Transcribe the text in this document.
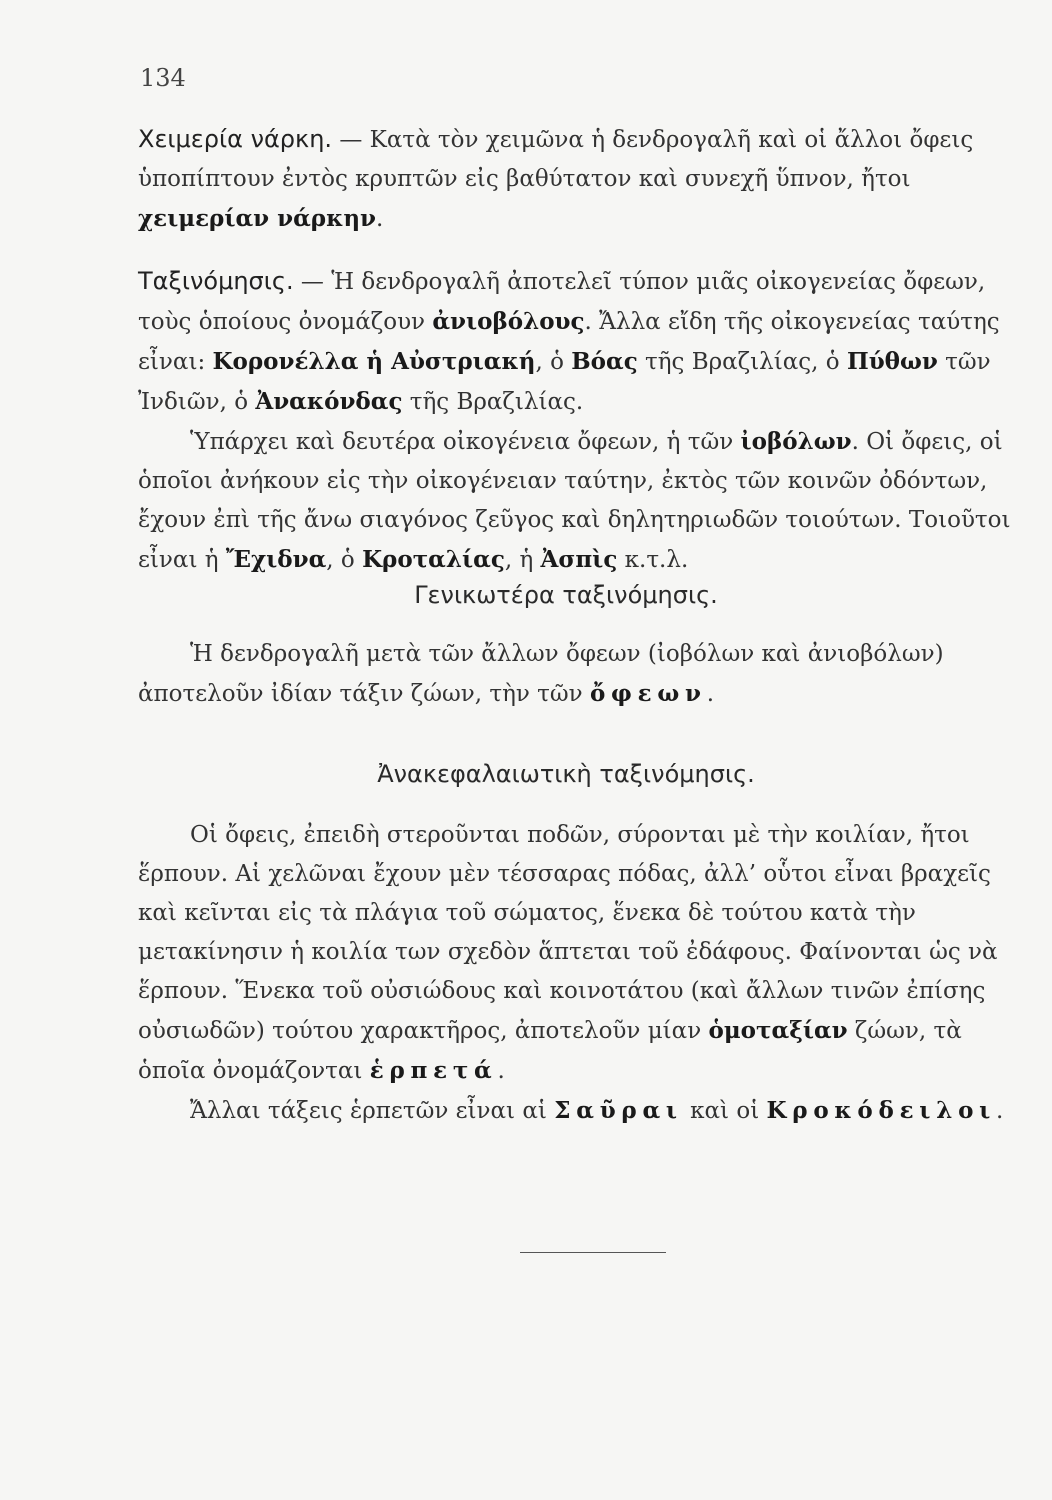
134
Χειμερία νάρκη. — Κατὰ τὸν χειμῶνα ἡ δενδρογαλῆ καὶ οἱ ἄλλοι ὄφεις ὑποπίπτουν ἐντὸς κρυπτῶν εἰς βαθύτατον καὶ συνεχῆ ὕπνον, ἤτοι χειμερίαν νάρκην.
Ταξινόμησις. — Ἡ δενδρογαλῆ ἀποτελεῖ τύπον μιᾶς οἰκογενείας ὄφεων, τοὺς ὁποίους ὀνομάζουν ἀνιοβόλους. Ἄλλα εἴδη τῆς οἰκογενείας ταύτης εἶναι: Κορονέλλα ἡ Αὐστριακή, ὁ Βόας τῆς Βραζιλίας, ὁ Πύθων τῶν Ἰνδιῶν, ὁ Ἀνακόνδας τῆς Βραζιλίας.
Ὑπάρχει καὶ δευτέρα οἰκογένεια ὄφεων, ἡ τῶν ἰοβόλων. Οἱ ὄφεις, οἱ ὁποῖοι ἀνήκουν εἰς τὴν οἰκογένειαν ταύτην, ἐκτὸς τῶν κοινῶν ὀδόντων, ἔχουν ἐπὶ τῆς ἄνω σιαγόνος ζεῦγος καὶ δηλητηριωδῶν τοιούτων. Τοιοῦτοι εἶναι ἡ Ἔχιδνα, ὁ Κροταλίας, ἡ Ἀσπὶς κ.τ.λ.
Γενικωτέρα ταξινόμησις.
Ἡ δενδρογαλῆ μετὰ τῶν ἄλλων ὄφεων (ἰοβόλων καὶ ἀνιοβόλων) ἀποτελοῦν ἰδίαν τάξιν ζώων, τὴν τῶν ὄφεων.
Ἀνακεφαλαιωτικὴ ταξινόμησις.
Οἱ ὄφεις, ἐπειδὴ στεροῦνται ποδῶν, σύρονται μὲ τὴν κοιλίαν, ἤτοι ἕρπουν. Αἱ χελῶναι ἔχουν μὲν τέσσαρας πόδας, ἀλλ’ οὗτοι εἶναι βραχεῖς καὶ κεῖνται εἰς τὰ πλάγια τοῦ σώματος, ἕνεκα δὲ τούτου κατὰ τὴν μετακίνησιν ἡ κοιλία των σχεδὸν ἅπτεται τοῦ ἐδάφους. Φαίνονται ὡς νὰ ἕρπουν. Ἕνεκα τοῦ οὐσιώδους καὶ κοινοτάτου (καὶ ἄλλων τινῶν ἐπίσης οὐσιωδῶν) τούτου χαρακτῆρος, ἀποτελοῦν μίαν ὁμοταξίαν ζώων, τὰ ὁποῖα ὀνομάζονται ἑρπετά.
Ἄλλαι τάξεις ἑρπετῶν εἶναι αἱ Σαῦραι καὶ οἱ Κροκόδειλοι.
